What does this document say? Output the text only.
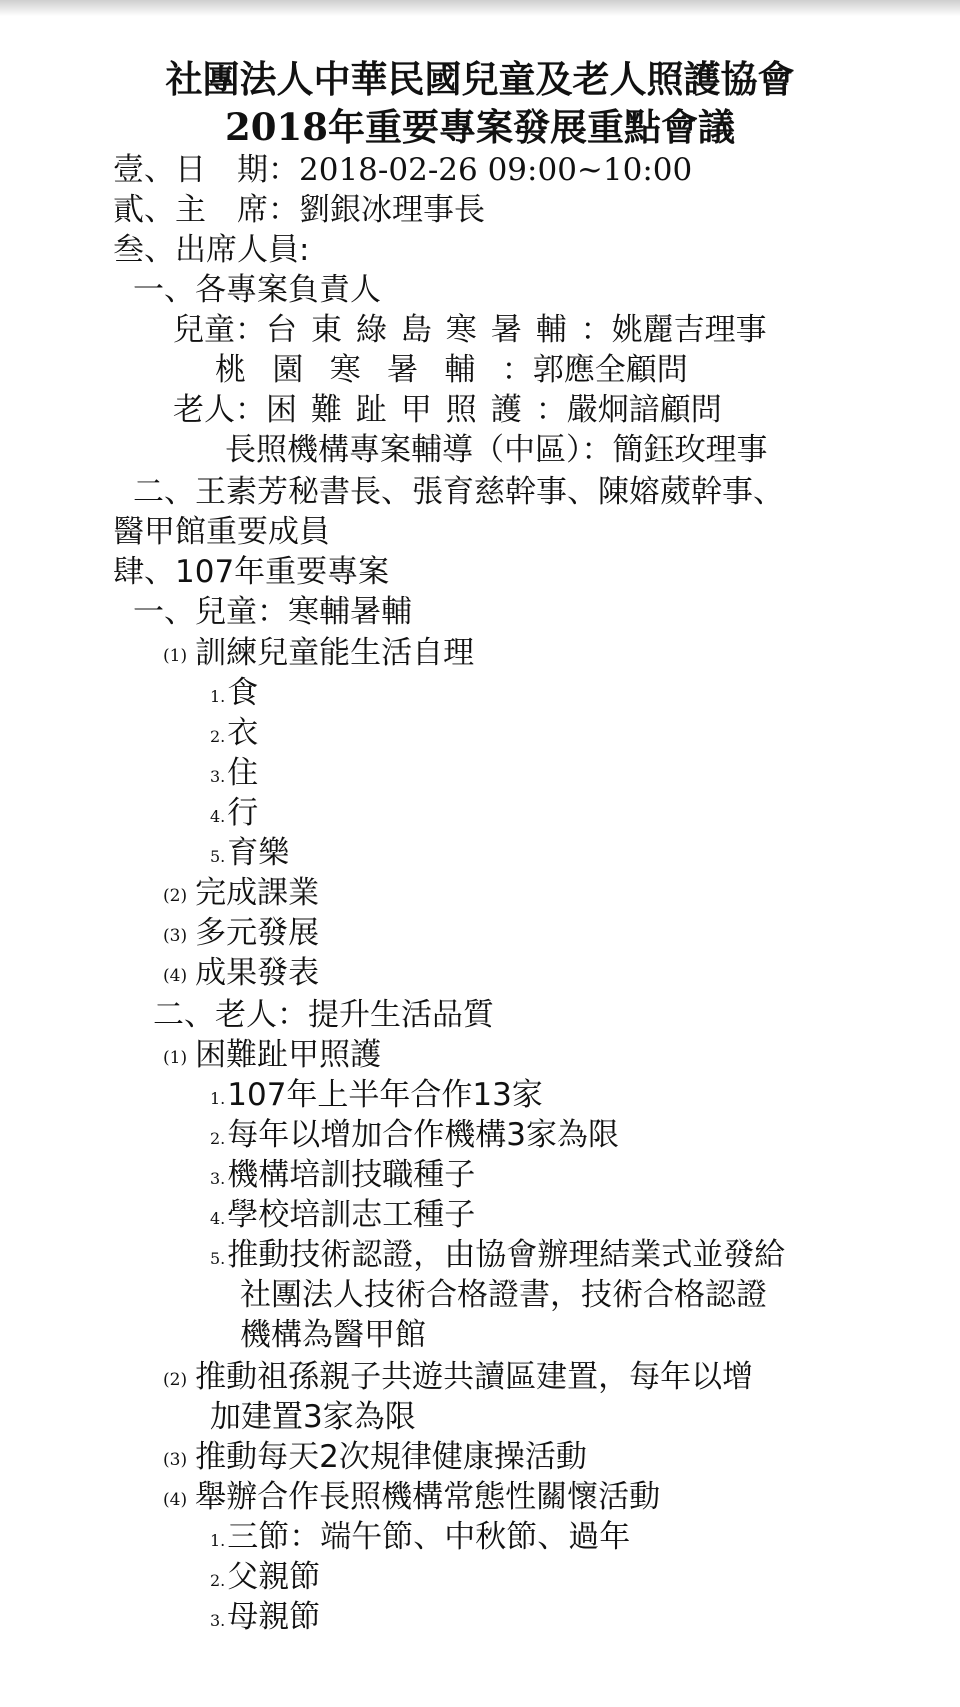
社團法人中華民國兒童及老人照護協會
2018年重要專案發展重點會議
壹、日　期：2018-02-26 09:00~10:00
貳、主　席：劉銀冰理事長
叁、出席人員:
一、各專案負責人
兒童：台東綠島寒暑輔：姚麗吉理事
桃園寒暑輔：郭應全顧問
老人：困難趾甲照護：嚴炯諳顧問
長照機構專案輔導（中區）：簡鈺玫理事
二、王素芳秘書長、張育慈幹事、陳嫆葳幹事、
醫甲館重要成員
肆、107年重要專案
一、兒童：寒輔暑輔
(1) 訓練兒童能生活自理
1.食
2.衣
3.住
4.行
5.育樂
(2) 完成課業
(3) 多元發展
(4) 成果發表
二、老人：提升生活品質
(1) 困難趾甲照護
1.107年上半年合作13家
2.每年以增加合作機構3家為限
3.機構培訓技職種子
4.學校培訓志工種子
5.推動技術認證，由協會辦理結業式並發給
社團法人技術合格證書，技術合格認證
機構為醫甲館
(2) 推動祖孫親子共遊共讀區建置，每年以增
加建置3家為限
(3) 推動每天2次規律健康操活動
(4) 舉辦合作長照機構常態性關懷活動
1.三節：端午節、中秋節、過年
2.父親節
3.母親節
